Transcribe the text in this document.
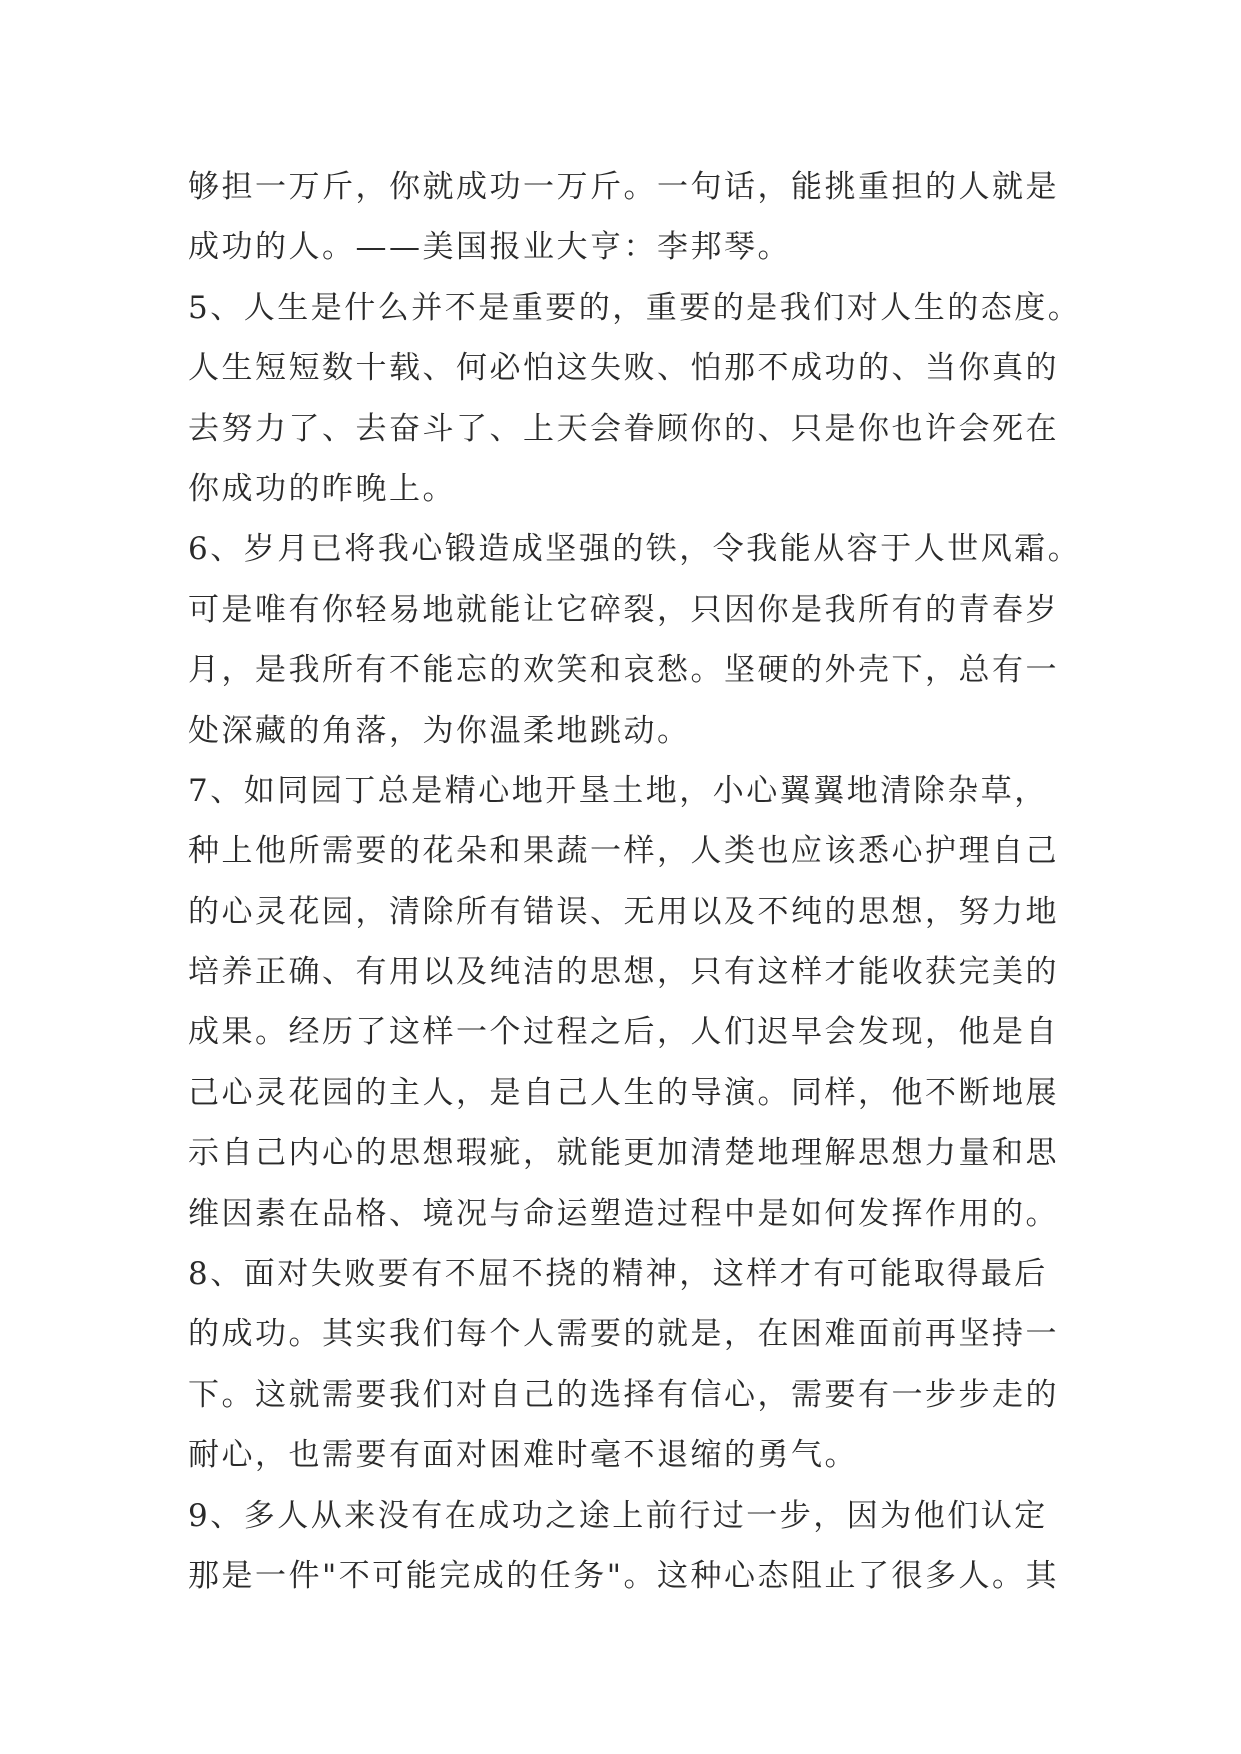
够担一万斤，你就成功一万斤。一句话，能挑重担的人就是
成功的人。——美国报业大亨：李邦琴。
5、人生是什么并不是重要的，重要的是我们对人生的态度。
人生短短数十载、何必怕这失败、怕那不成功的、当你真的
去努力了、去奋斗了、上天会眷顾你的、只是你也许会死在
你成功的昨晚上。
6、岁月已将我心锻造成坚强的铁，令我能从容于人世风霜。
可是唯有你轻易地就能让它碎裂，只因你是我所有的青春岁
月，是我所有不能忘的欢笑和哀愁。坚硬的外壳下，总有一
处深藏的角落，为你温柔地跳动。
7、如同园丁总是精心地开垦土地，小心翼翼地清除杂草，
种上他所需要的花朵和果蔬一样，人类也应该悉心护理自己
的心灵花园，清除所有错误、无用以及不纯的思想，努力地
培养正确、有用以及纯洁的思想，只有这样才能收获完美的
成果。经历了这样一个过程之后，人们迟早会发现，他是自
己心灵花园的主人，是自己人生的导演。同样，他不断地展
示自己内心的思想瑕疵，就能更加清楚地理解思想力量和思
维因素在品格、境况与命运塑造过程中是如何发挥作用的。
8、面对失败要有不屈不挠的精神，这样才有可能取得最后
的成功。其实我们每个人需要的就是，在困难面前再坚持一
下。这就需要我们对自己的选择有信心，需要有一步步走的
耐心，也需要有面对困难时毫不退缩的勇气。
9、多人从来没有在成功之途上前行过一步，因为他们认定
那是一件"不可能完成的任务"。这种心态阻止了很多人。其
